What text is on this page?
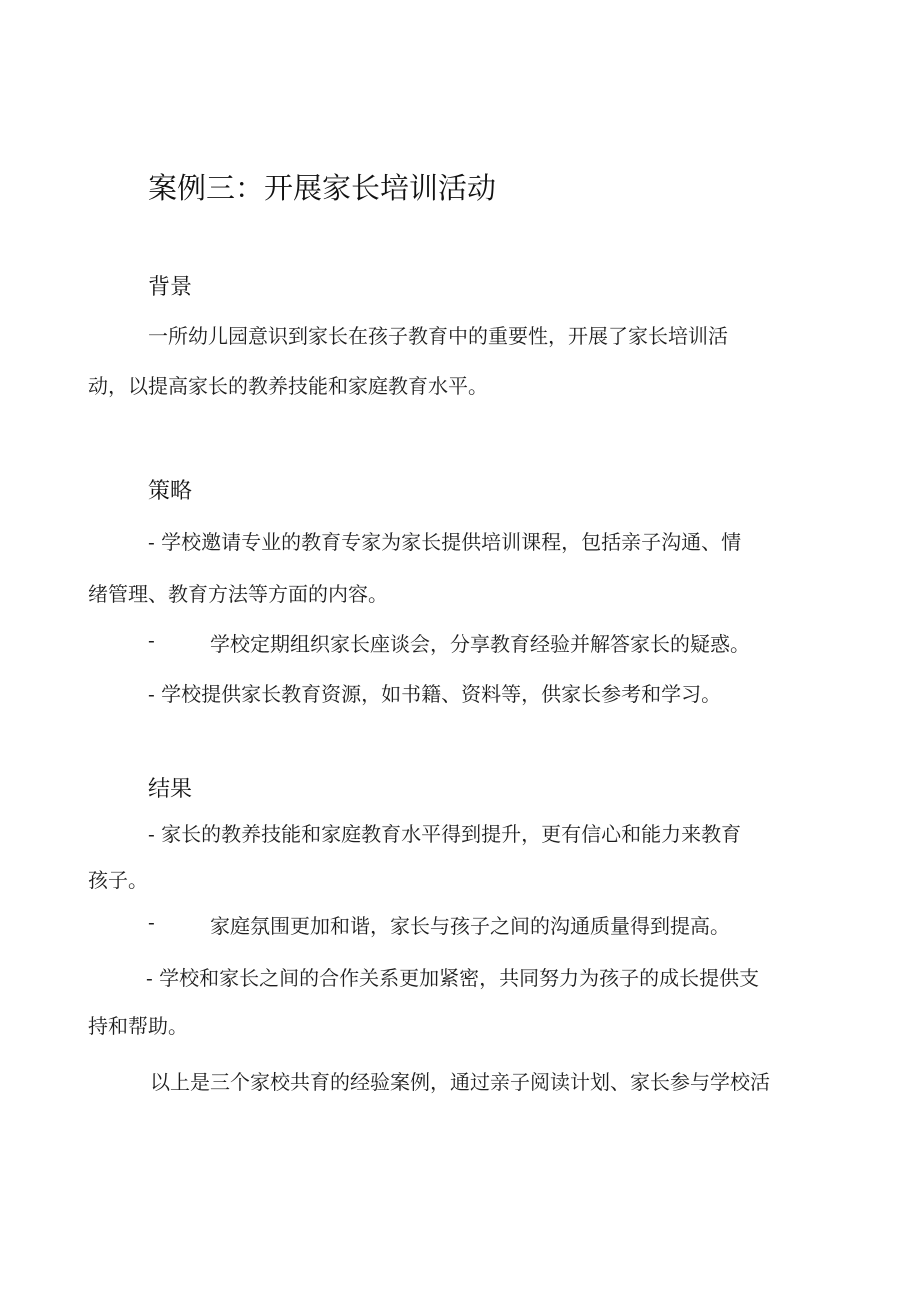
案例三：开展家长培训活动
背景

一所幼儿园意识到家长在孩子教育中的重要性，开展了家长培训活

动，以提高家长的教养技能和家庭教育水平。

策略

- 学校邀请专业的教育专家为家长提供培训课程，包括亲子沟通、情

绪管理、教育方法等方面的内容。

-	学校定期组织家长座谈会，分享教育经验并解答家长的疑惑。

- 学校提供家长教育资源，如书籍、资料等，供家长参考和学习。

结果

- 家长的教养技能和家庭教育水平得到提升，更有信心和能力来教育

孩子。

-	家庭氛围更加和谐，家长与孩子之间的沟通质量得到提高。

- 学校和家长之间的合作关系更加紧密，共同努力为孩子的成长提供支

持和帮助。

以上是三个家校共育的经验案例，通过亲子阅读计划、家长参与学校活
